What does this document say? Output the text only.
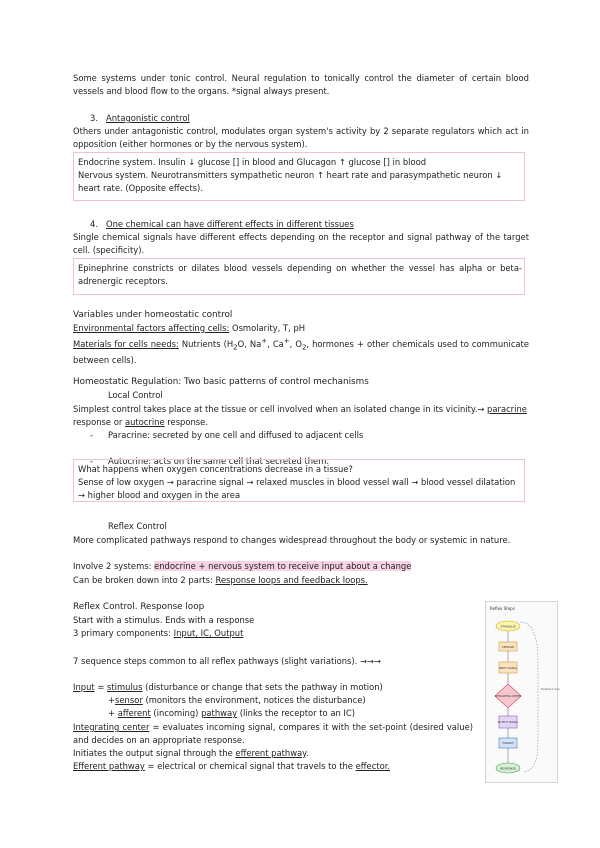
Some systems under tonic control. Neural regulation to tonically control the diameter of certain blood vessels and blood flow to the organs. *signal always present.
3. Antagonistic control
Others under antagonistic control, modulates organ system's activity by 2 separate regulators which act in opposition (either hormones or by the nervous system).
Endocrine system. Insulin ↓ glucose [] in blood and Glucagon ↑ glucose [] in blood
Nervous system. Neurotransmitters sympathetic neuron ↑ heart rate and parasympathetic neuron ↓ heart rate. (Opposite effects).
4. One chemical can have different effects in different tissues
Single chemical signals have different effects depending on the receptor and signal pathway of the target cell. (specificity).
Epinephrine constricts or dilates blood vessels depending on whether the vessel has alpha or beta-adrenergic receptors.
Variables under homeostatic control
Environmental factors affecting cells: Osmolarity, T, pH
Materials for cells needs: Nutrients ($H_2O$, Na+, Ca+, $O_2$, hormones + other chemicals used to communicate between cells).
Homeostatic Regulation: Two basic patterns of control mechanisms
Local Control
Simplest control takes place at the tissue or cell involved when an isolated change in its vicinity.→ paracrine response or autocrine response.
- Paracrine: secreted by one cell and diffused to adjacent cells
- Autocrine: acts on the same cell that secreted them.
What happens when oxygen concentrations decrease in a tissue?
Sense of low oxygen → paracrine signal → relaxed muscles in blood vessel wall → blood vessel dilatation → higher blood and oxygen in the area
Reflex Control
More complicated pathways respond to changes widespread throughout the body or systemic in nature.
Involve 2 systems: endocrine + nervous system to receive input about a change
Can be broken down into 2 parts: Response loops and feedback loops.
Reflex Control. Response loop
Start with a stimulus. Ends with a response
3 primary components: Input, IC, Output
7 sequence steps common to all reflex pathways (slight variations). →→→
Input = stimulus (disturbance or change that sets the pathway in motion)
+sensor (monitors the environment, notices the disturbance)
+ afferent (incoming) pathway (links the receptor to an IC)
Integrating center = evaluates incoming signal, compares it with the set-point (desired value) and decides on an appropriate response.
Initiates the output signal through the efferent pathway.
Efferent pathway = electrical or chemical signal that travels to the effector.
Reflex Steps
Feedback loop
STIMULUS
SENSOR
INPUT SIGNAL
INTEGRATING CENTER
OUTPUT SIGNAL
TARGET
RESPONSE
